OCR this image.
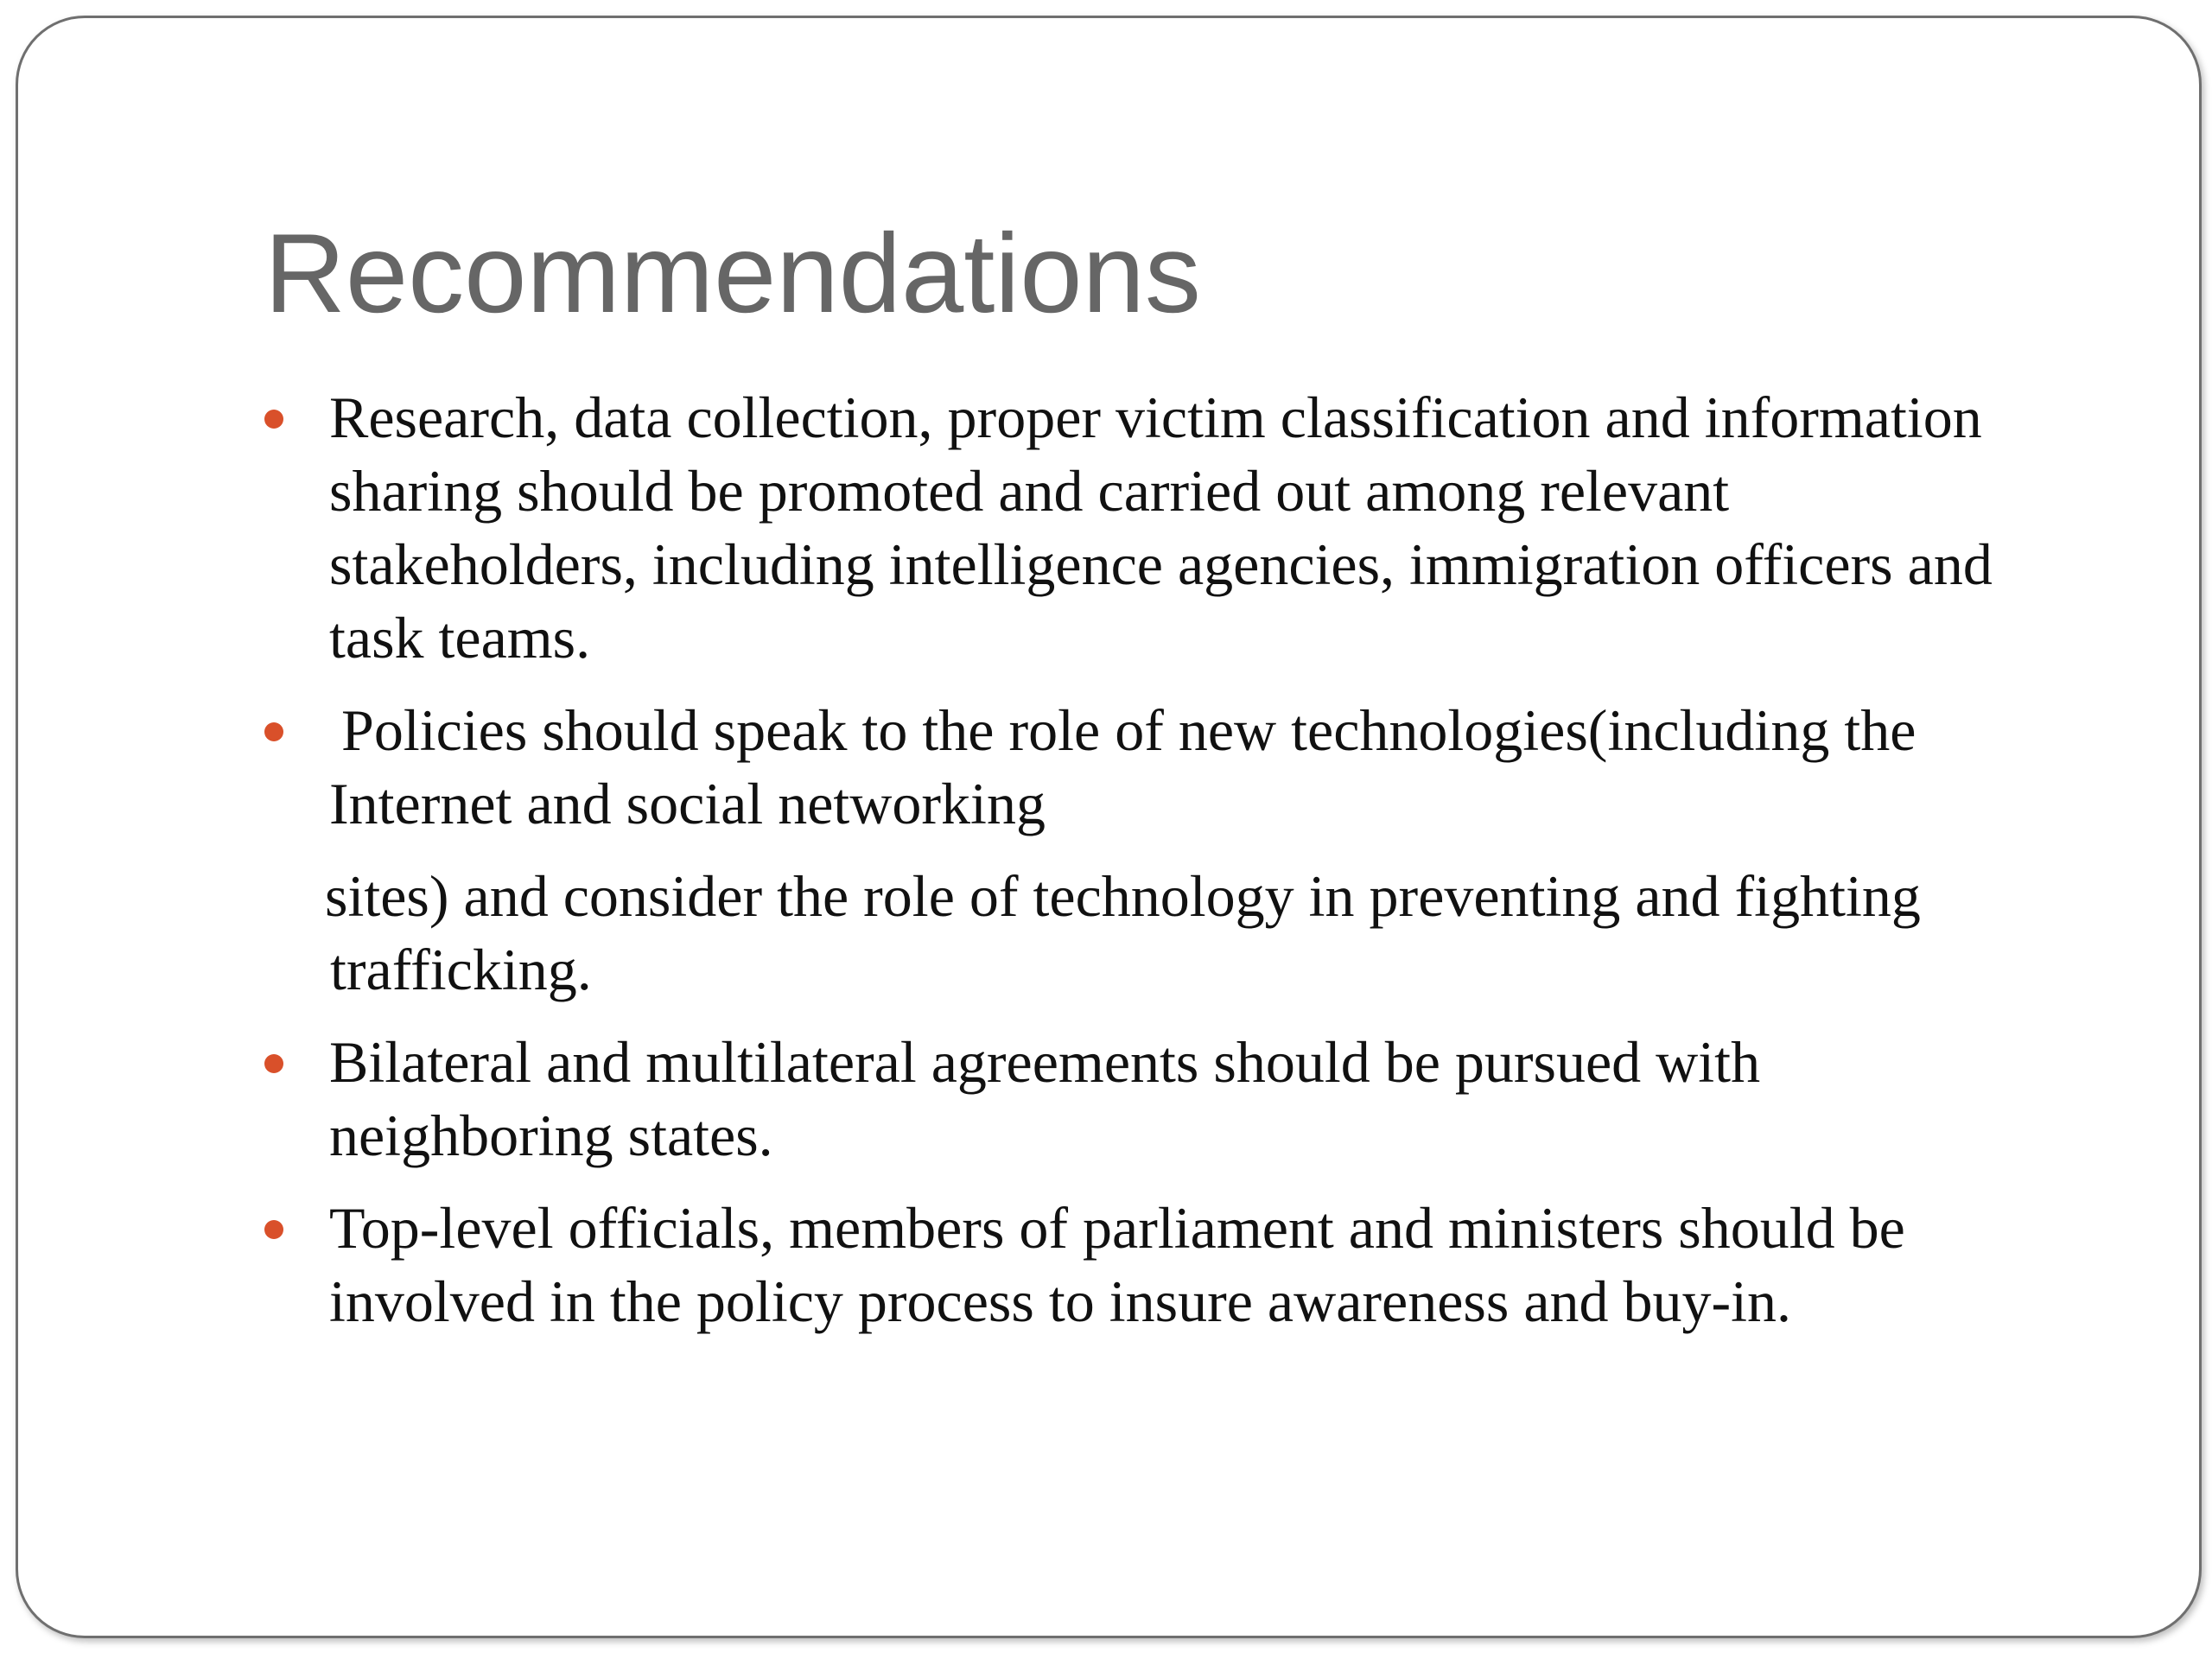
Recommendations
Research, data collection, proper victim classification and information
sharing should be promoted and carried out among relevant
stakeholders, including intelligence agencies, immigration officers and
task teams.
Policies should speak to the role of new technologies(including the
Internet and social networking
sites) and consider the role of technology in preventing and fighting
trafficking.
Bilateral and multilateral agreements should be pursued with
neighboring states.
Top-level officials, members of parliament and ministers should be
involved in the policy process to insure awareness and buy-in.
